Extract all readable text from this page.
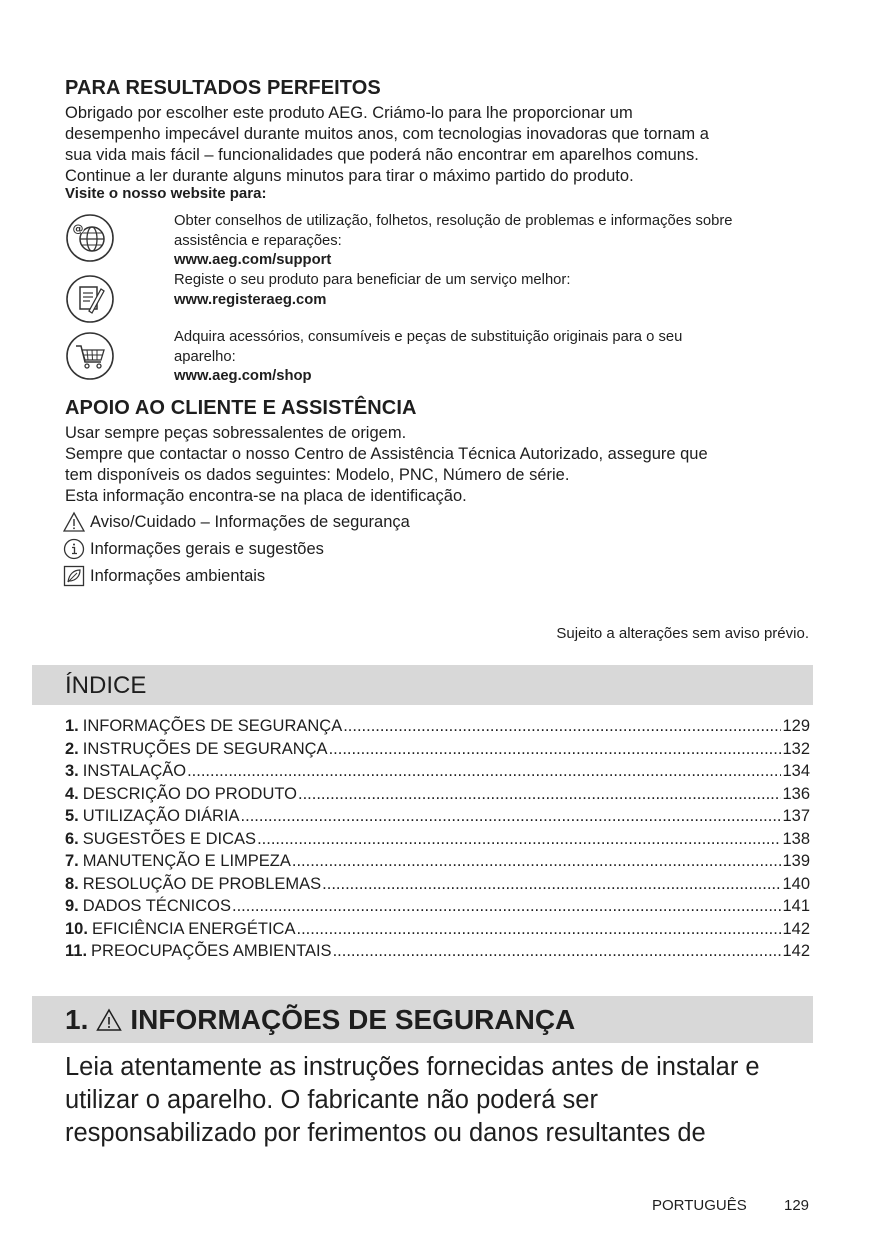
PARA RESULTADOS PERFEITOS
Obrigado por escolher este produto AEG. Criámo-lo para lhe proporcionar um
desempenho impecável durante muitos anos, com tecnologias inovadoras que tornam a
sua vida mais fácil – funcionalidades que poderá não encontrar em aparelhos comuns.
Continue a ler durante alguns minutos para tirar o máximo partido do produto.
Visite o nosso website para:
@	Obter conselhos de utilização, folhetos, resolução de problemas e informações sobre
assistência e reparações:
www.aeg.com/support
Registe o seu produto para beneficiar de um serviço melhor:
www.registeraeg.com
Adquira acessórios, consumíveis e peças de substituição originais para o seu
aparelho:
www.aeg.com/shop
APOIO AO CLIENTE E ASSISTÊNCIA
Usar sempre peças sobressalentes de origem.
Sempre que contactar o nosso Centro de Assistência Técnica Autorizado, assegure que
tem disponíveis os dados seguintes: Modelo, PNC, Número de série.
Esta informação encontra-se na placa de identificação.
Aviso/Cuidado – Informações de segurança
Informações gerais e sugestões
Informações ambientais
Sujeito a alterações sem aviso prévio.
ÍNDICE
1. INFORMAÇÕES DE SEGURANÇA .....	129
2. INSTRUÇÕES DE SEGURANÇA .....	132
3. INSTALAÇÃO .....	134
4. DESCRIÇÃO DO PRODUTO .....	136
5. UTILIZAÇÃO DIÁRIA .....	137
6. SUGESTÕES E DICAS .....	138
7. MANUTENÇÃO E LIMPEZA .....	139
8. RESOLUÇÃO DE PROBLEMAS .....	140
9. DADOS TÉCNICOS .....	141
10. EFICIÊNCIA ENERGÉTICA .....	142
11. PREOCUPAÇÕES AMBIENTAIS .....	142
1. INFORMAÇÕES DE SEGURANÇA
Leia atentamente as instruções fornecidas antes de instalar e
utilizar o aparelho. O fabricante não poderá ser
responsabilizado por ferimentos ou danos resultantes de
PORTUGUÊS 129
